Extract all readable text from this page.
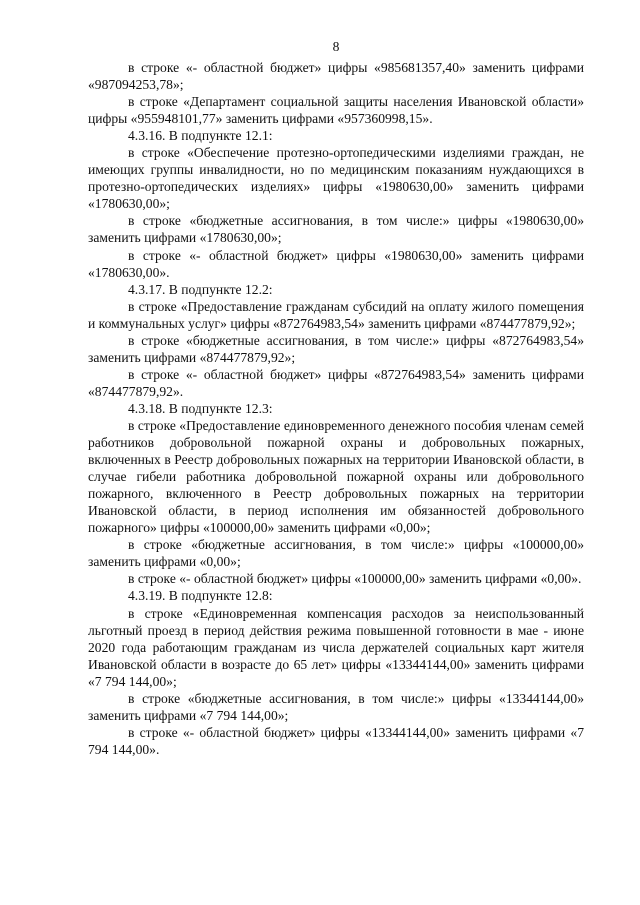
8

в строке «- областной бюджет» цифры «985681357,40» заменить цифрами «987094253,78»;

в строке «Департамент социальной защиты населения Ивановской области» цифры «955948101,77» заменить цифрами «957360998,15».

4.3.16. В подпункте 12.1:

в строке «Обеспечение протезно-ортопедическими изделиями граждан, не имеющих группы инвалидности, но по медицинским показаниям нуждающихся в протезно-ортопедических изделиях» цифры «1980630,00» заменить цифрами «1780630,00»;

в строке «бюджетные ассигнования, в том числе:» цифры «1980630,00» заменить цифрами «1780630,00»;

в строке «- областной бюджет» цифры «1980630,00» заменить цифрами «1780630,00».

4.3.17. В подпункте 12.2:

в строке «Предоставление гражданам субсидий на оплату жилого помещения и коммунальных услуг» цифры «872764983,54» заменить цифрами «874477879,92»;

в строке «бюджетные ассигнования, в том числе:» цифры «872764983,54» заменить цифрами «874477879,92»;

в строке «- областной бюджет» цифры «872764983,54» заменить цифрами «874477879,92».

4.3.18. В подпункте 12.3:

в строке «Предоставление единовременного денежного пособия членам семей работников добровольной пожарной охраны и добровольных пожарных, включенных в Реестр добровольных пожарных на территории Ивановской области, в случае гибели работника добровольной пожарной охраны или добровольного пожарного, включенного в Реестр добровольных пожарных на территории Ивановской области, в период исполнения им обязанностей добровольного пожарного» цифры «100000,00» заменить цифрами «0,00»;

в строке «бюджетные ассигнования, в том числе:» цифры «100000,00» заменить цифрами «0,00»;

в строке «- областной бюджет» цифры «100000,00» заменить цифрами «0,00».

4.3.19. В подпункте 12.8:

в строке «Единовременная компенсация расходов за неиспользованный льготный проезд в период действия режима повышенной готовности в мае - июне 2020 года работающим гражданам из числа держателей социальных карт жителя Ивановской области в возрасте до 65 лет» цифры «13344144,00» заменить цифрами «7 794 144,00»;

в строке «бюджетные ассигнования, в том числе:» цифры «13344144,00» заменить цифрами «7 794 144,00»;

в строке «- областной бюджет» цифры «13344144,00» заменить цифрами «7 794 144,00».
